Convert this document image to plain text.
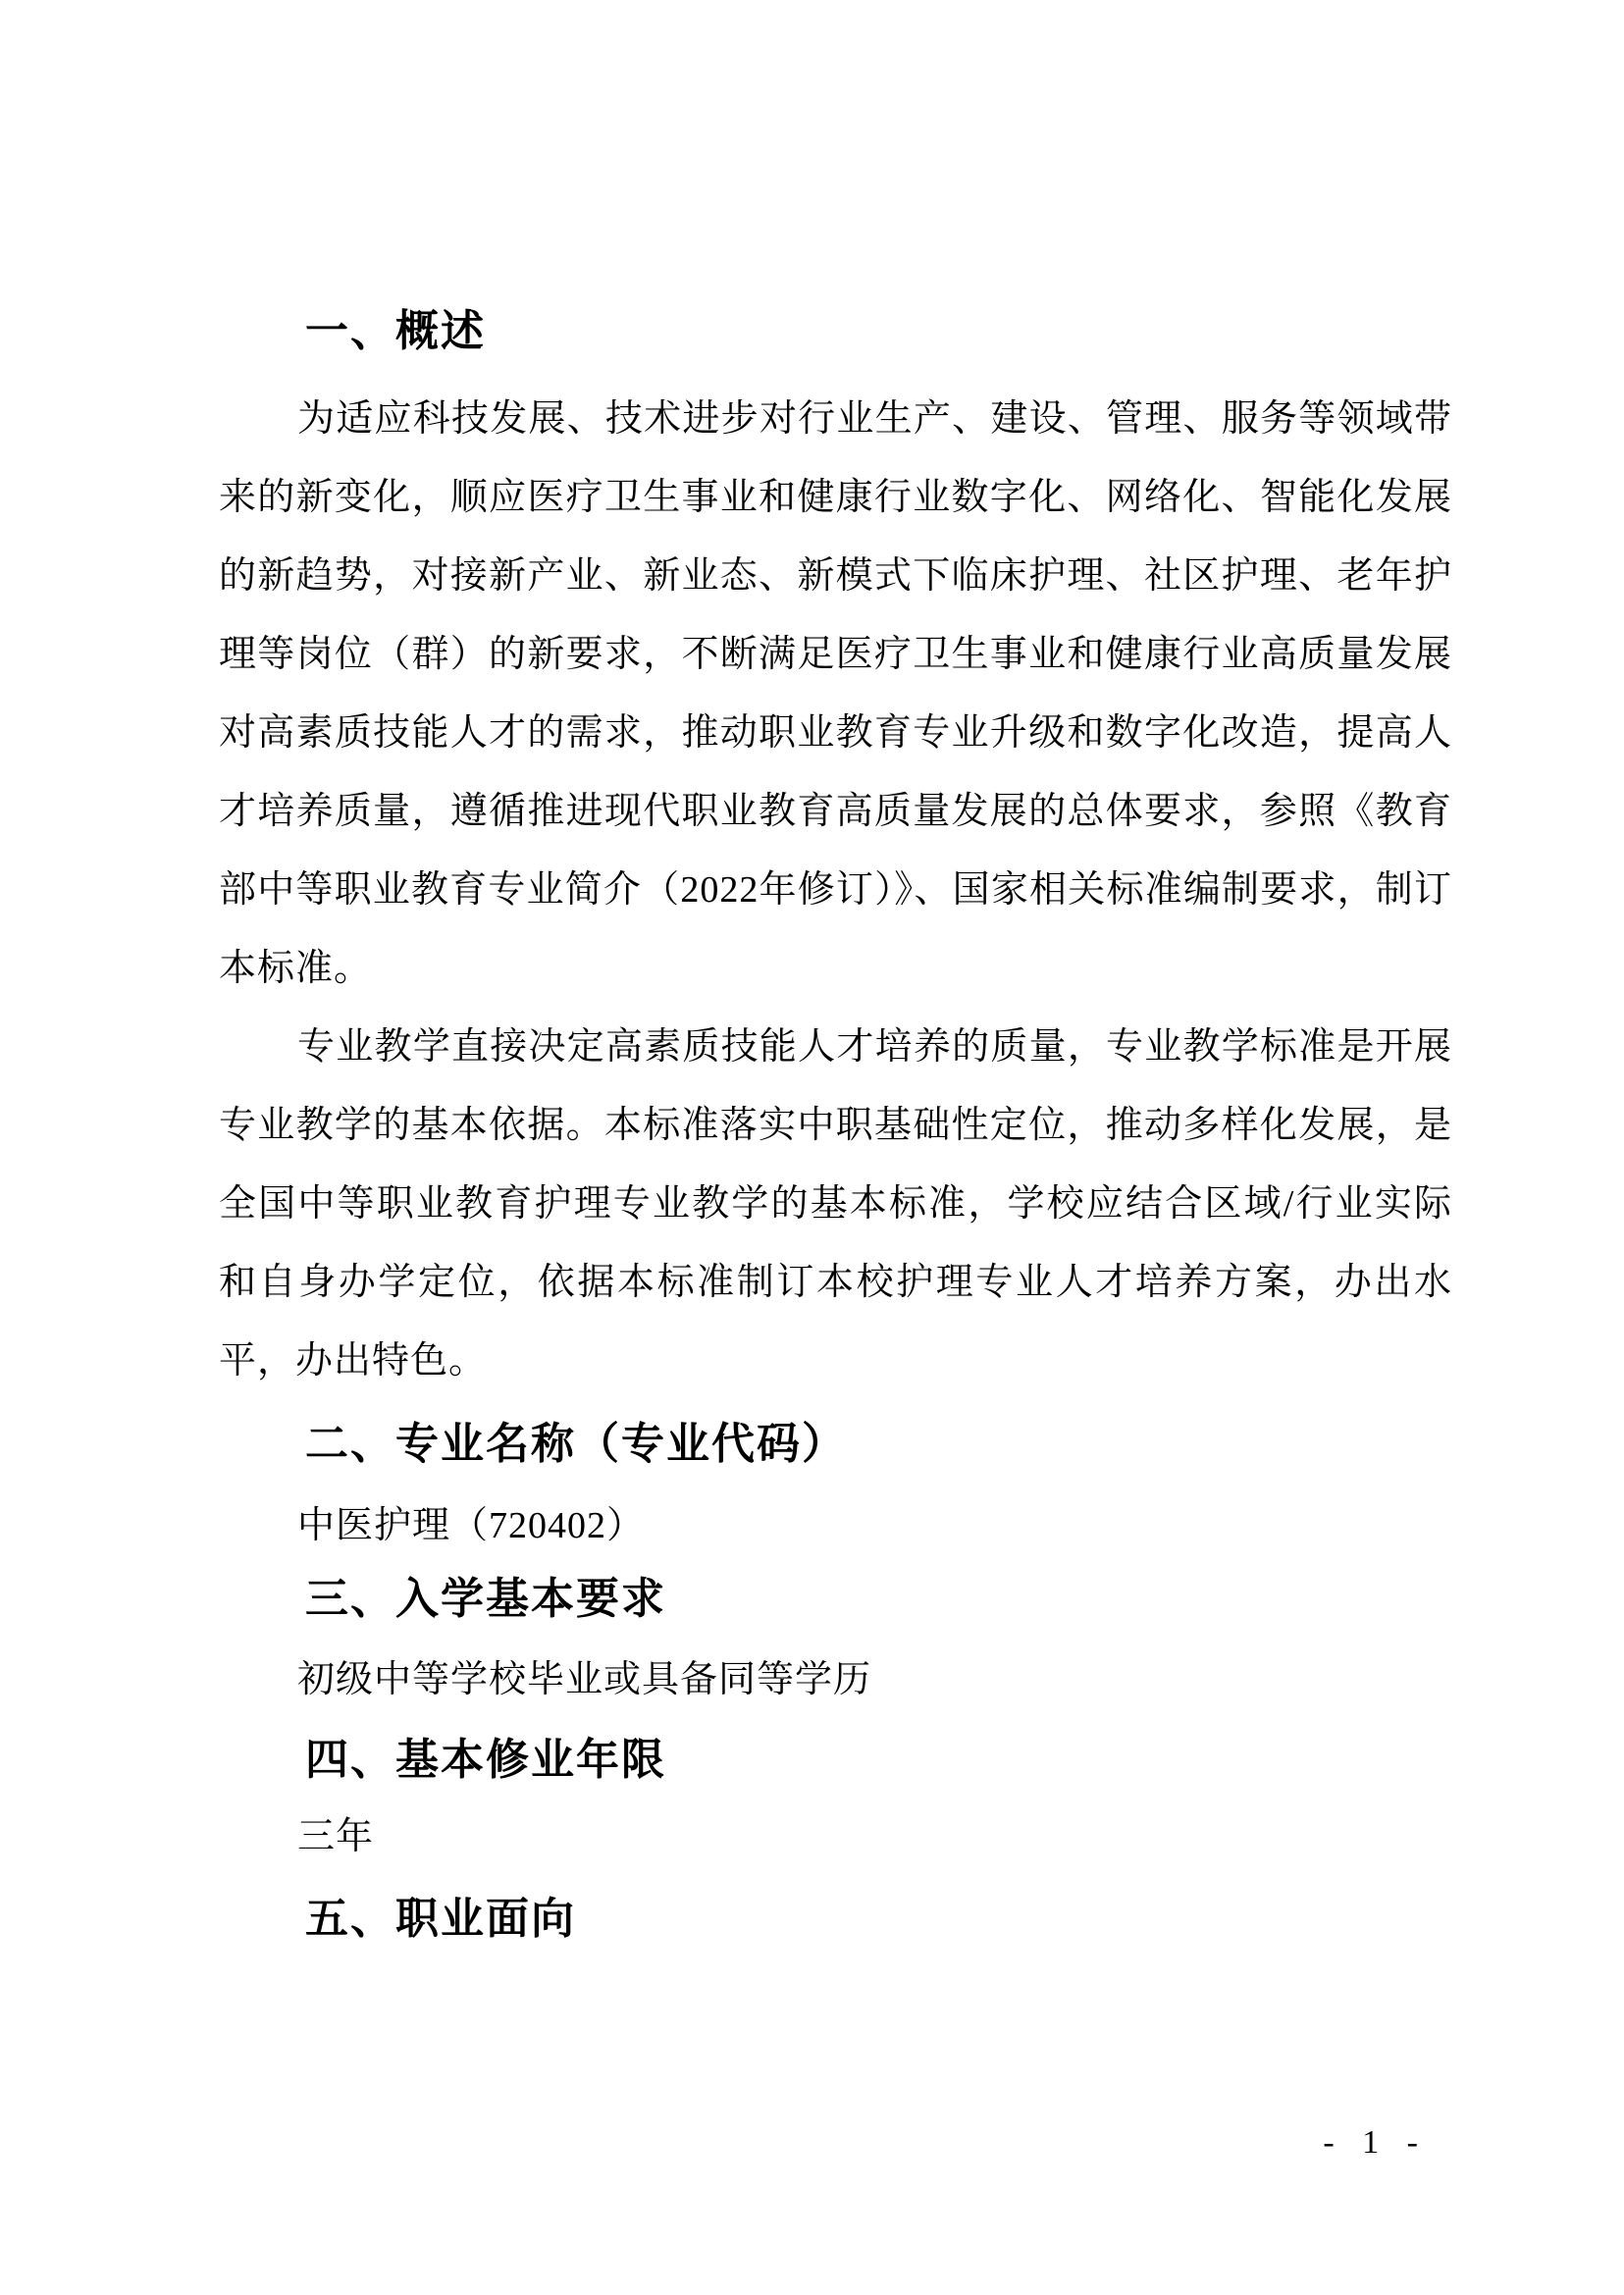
一、概述

为适应科技发展、技术进步对行业生产、建设、管理、服务等领域带来的新变化，顺应医疗卫生事业和健康行业数字化、网络化、智能化发展的新趋势，对接新产业、新业态、新模式下临床护理、社区护理、老年护理等岗位（群）的新要求，不断满足医疗卫生事业和健康行业高质量发展对高素质技能人才的需求，推动职业教育专业升级和数字化改造，提高人才培养质量，遵循推进现代职业教育高质量发展的总体要求，参照《教育部中等职业教育专业简介（2022年修订）》、国家相关标准编制要求，制订本标准。

专业教学直接决定高素质技能人才培养的质量，专业教学标准是开展专业教学的基本依据。本标准落实中职基础性定位，推动多样化发展，是全国中等职业教育护理专业教学的基本标准，学校应结合区域/行业实际和自身办学定位，依据本标准制订本校护理专业人才培养方案，办出水平，办出特色。

二、专业名称（专业代码）

中医护理（720402）

三、入学基本要求

初级中等学校毕业或具备同等学历

四、基本修业年限

三年

五、职业面向
- 1 -
